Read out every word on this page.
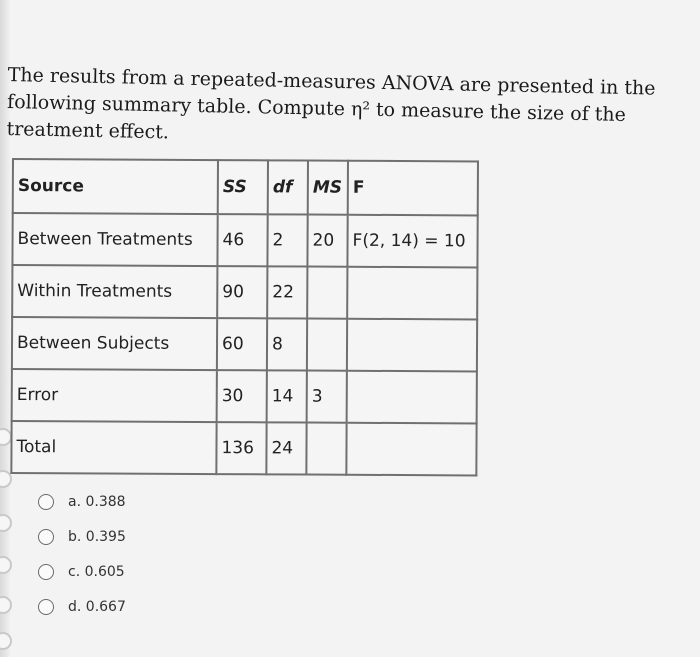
The results from a repeated-measures ANOVA are presented in the following summary table. Compute η² to measure the size of the treatment effect.

Source	SS	df	MS	F
Between Treatments	46	2	20	F(2, 14) = 10
Within Treatments	90	22		
Between Subjects	60	8		
Error	30	14	3	
Total	136	24		
a. 0.388
b. 0.395
c. 0.605
d. 0.667
